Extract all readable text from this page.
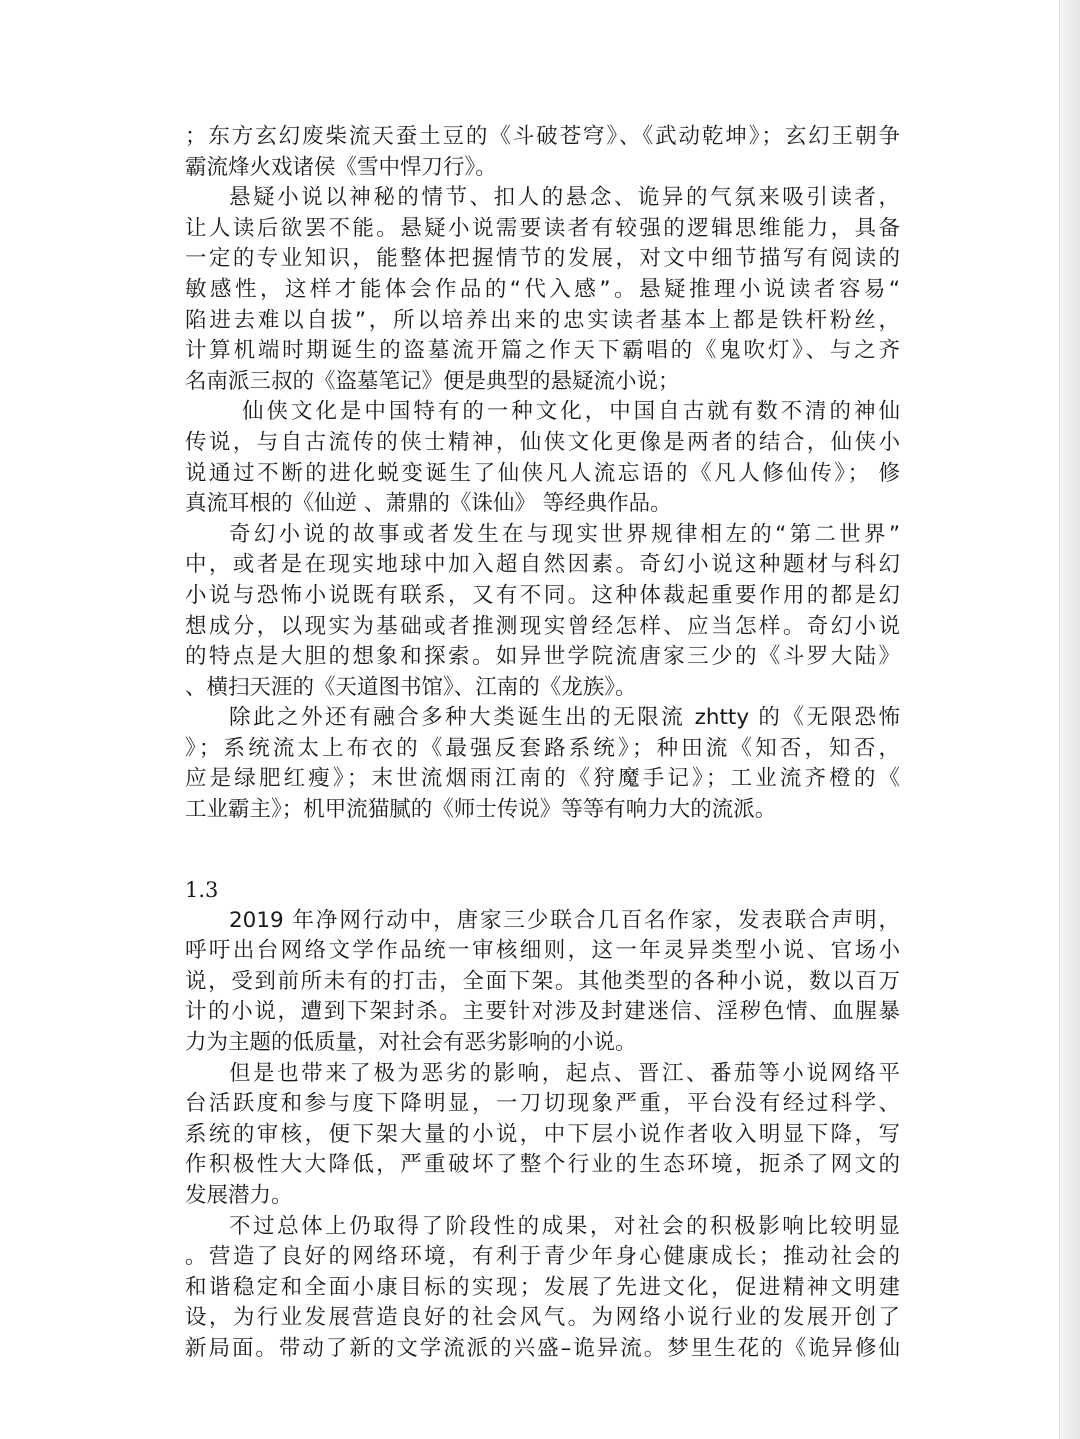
；东方玄幻废柴流天蚕土豆的《斗破苍穹》、《武动乾坤》；玄幻王朝争
霸流烽火戏诸侯《雪中悍刀行》。
悬疑小说以神秘的情节、扣人的悬念、诡异的气氛来吸引读者，
让人读后欲罢不能。悬疑小说需要读者有较强的逻辑思维能力，具备
一定的专业知识，能整体把握情节的发展，对文中细节描写有阅读的
敏感性，这样才能体会作品的“代入感”。悬疑推理小说读者容易“
陷进去难以自拔”，所以培养出来的忠实读者基本上都是铁杆粉丝，
计算机端时期诞生的盗墓流开篇之作天下霸唱的《鬼吹灯》、与之齐
名南派三叔的《盗墓笔记》便是典型的悬疑流小说；
仙侠文化是中国特有的一种文化，中国自古就有数不清的神仙
传说，与自古流传的侠士精神，仙侠文化更像是两者的结合，仙侠小
说通过不断的进化蜕变诞生了仙侠凡人流忘语的《凡人修仙传》； 修
真流耳根的《仙逆 、萧鼎的《诛仙》 等经典作品。
奇幻小说的故事或者发生在与现实世界规律相左的“第二世界”
中，或者是在现实地球中加入超自然因素。奇幻小说这种题材与科幻
小说与恐怖小说既有联系，又有不同。这种体裁起重要作用的都是幻
想成分，以现实为基础或者推测现实曾经怎样、应当怎样。奇幻小说
的特点是大胆的想象和探索。如异世学院流唐家三少的《斗罗大陆》
、横扫天涯的《天道图书馆》、江南的《龙族》。
除此之外还有融合多种大类诞生出的无限流 zhtty 的《无限恐怖
》；系统流太上布衣的《最强反套路系统》；种田流《知否，知否，
应是绿肥红瘦》；末世流烟雨江南的《狩魔手记》；工业流齐橙的《
工业霸主》；机甲流猫腻的《师士传说》等等有响力大的流派。
1.3
2019 年净网行动中，唐家三少联合几百名作家，发表联合声明，
呼吁出台网络文学作品统一审核细则，这一年灵异类型小说、官场小
说，受到前所未有的打击，全面下架。其他类型的各种小说，数以百万
计的小说，遭到下架封杀。主要针对涉及封建迷信、淫秽色情、血腥暴
力为主题的低质量，对社会有恶劣影响的小说。
但是也带来了极为恶劣的影响，起点、晋江、番茄等小说网络平
台活跃度和参与度下降明显，一刀切现象严重，平台没有经过科学、
系统的审核，便下架大量的小说，中下层小说作者收入明显下降，写
作积极性大大降低，严重破坏了整个行业的生态环境，扼杀了网文的
发展潜力。
不过总体上仍取得了阶段性的成果，对社会的积极影响比较明显
。营造了良好的网络环境，有利于青少年身心健康成长；推动社会的
和谐稳定和全面小康目标的实现；发展了先进文化，促进精神文明建
设，为行业发展营造良好的社会风气。为网络小说行业的发展开创了
新局面。带动了新的文学流派的兴盛–诡异流。梦里生花的《诡异修仙
